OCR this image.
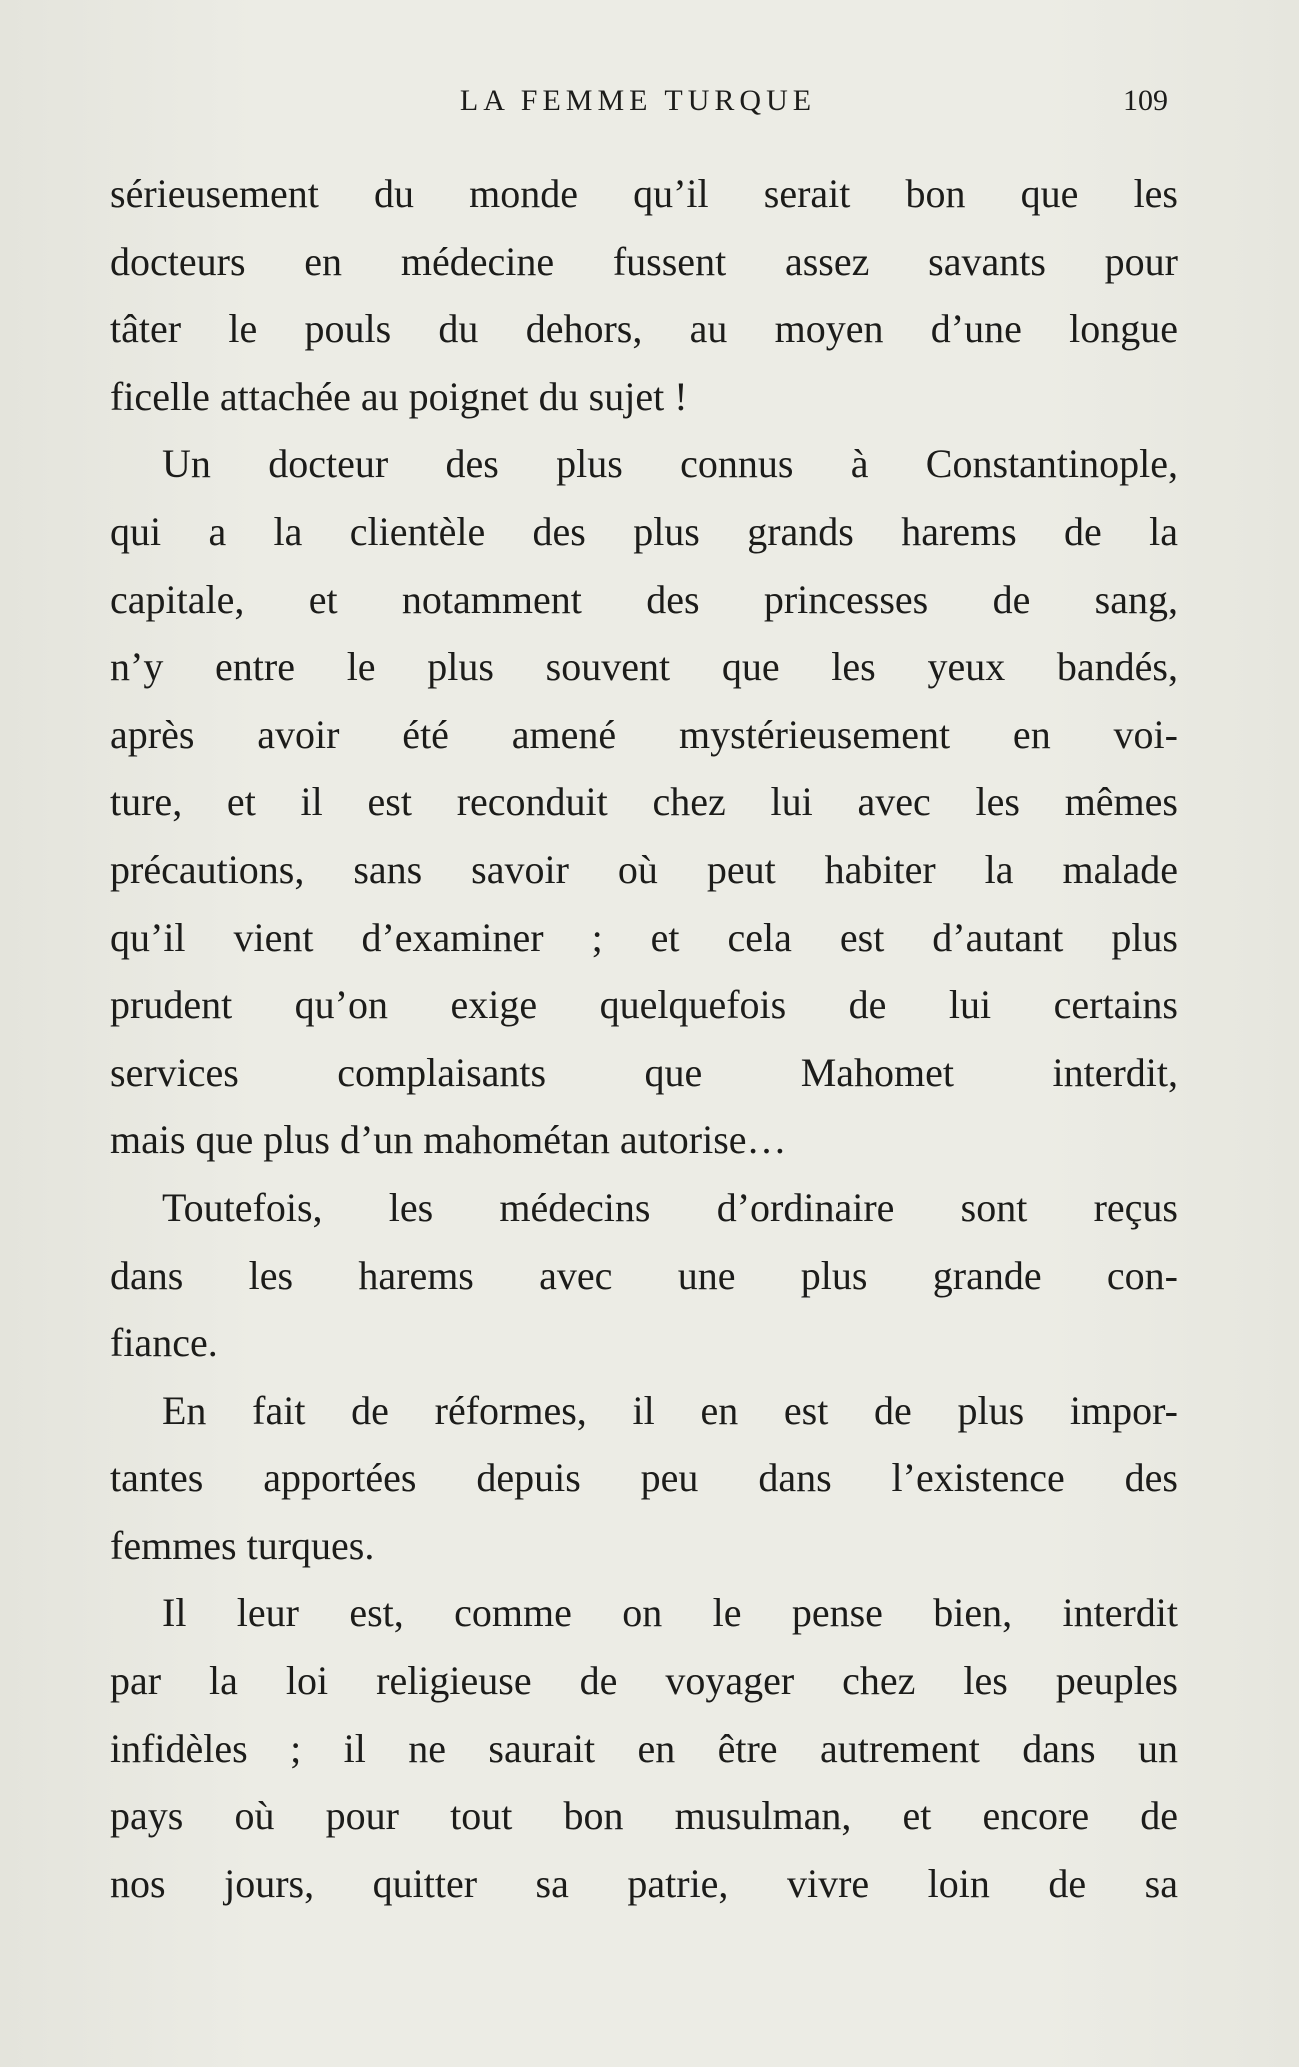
LA FEMME TURQUE	109
sérieusement du monde qu’il serait bon que les
docteurs en médecine fussent assez savants pour
tâter le pouls du dehors, au moyen d’une longue
ficelle attachée au poignet du sujet !
Un docteur des plus connus à Constantinople,
qui a la clientèle des plus grands harems de la
capitale, et notamment des princesses de sang,
n’y entre le plus souvent que les yeux bandés,
après avoir été amené mystérieusement en voi-
ture, et il est reconduit chez lui avec les mêmes
précautions, sans savoir où peut habiter la malade
qu’il vient d’examiner ; et cela est d’autant plus
prudent qu’on exige quelquefois de lui certains
services complaisants que Mahomet interdit,
mais que plus d’un mahométan autorise…
Toutefois, les médecins d’ordinaire sont reçus
dans les harems avec une plus grande con-
fiance.
En fait de réformes, il en est de plus impor-
tantes apportées depuis peu dans l’existence des
femmes turques.
Il leur est, comme on le pense bien, interdit
par la loi religieuse de voyager chez les peuples
infidèles ; il ne saurait en être autrement dans un
pays où pour tout bon musulman, et encore de
nos jours, quitter sa patrie, vivre loin de sa
